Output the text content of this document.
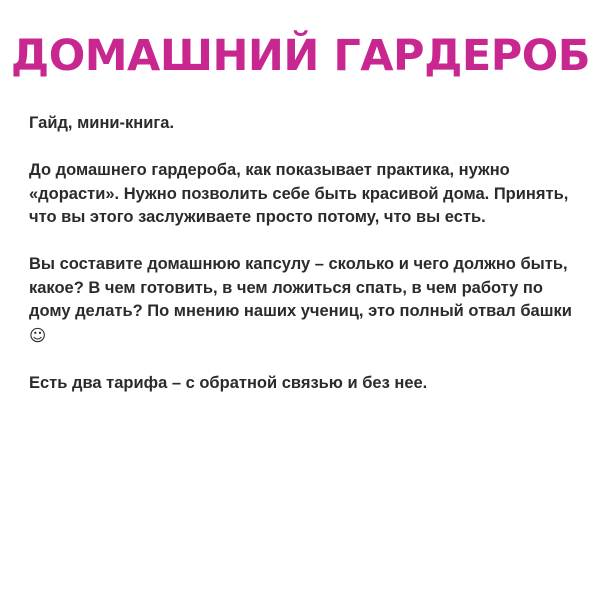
ДОМАШНИЙ ГАРДЕРОБ

Гайд, мини-книга.

До домашнего гардероба, как показывает практика, нужно «дорасти». Нужно позволить себе быть красивой дома. Принять, что вы этого заслуживаете просто потому, что вы есть.

Вы составите домашнюю капсулу – сколько и чего должно быть, какое? В чем готовить, в чем ложиться спать, в чем работу по дому делать? По мнению наших учениц, это полный отвал башки ☺

Есть два тарифа – с обратной связью и без нее.
